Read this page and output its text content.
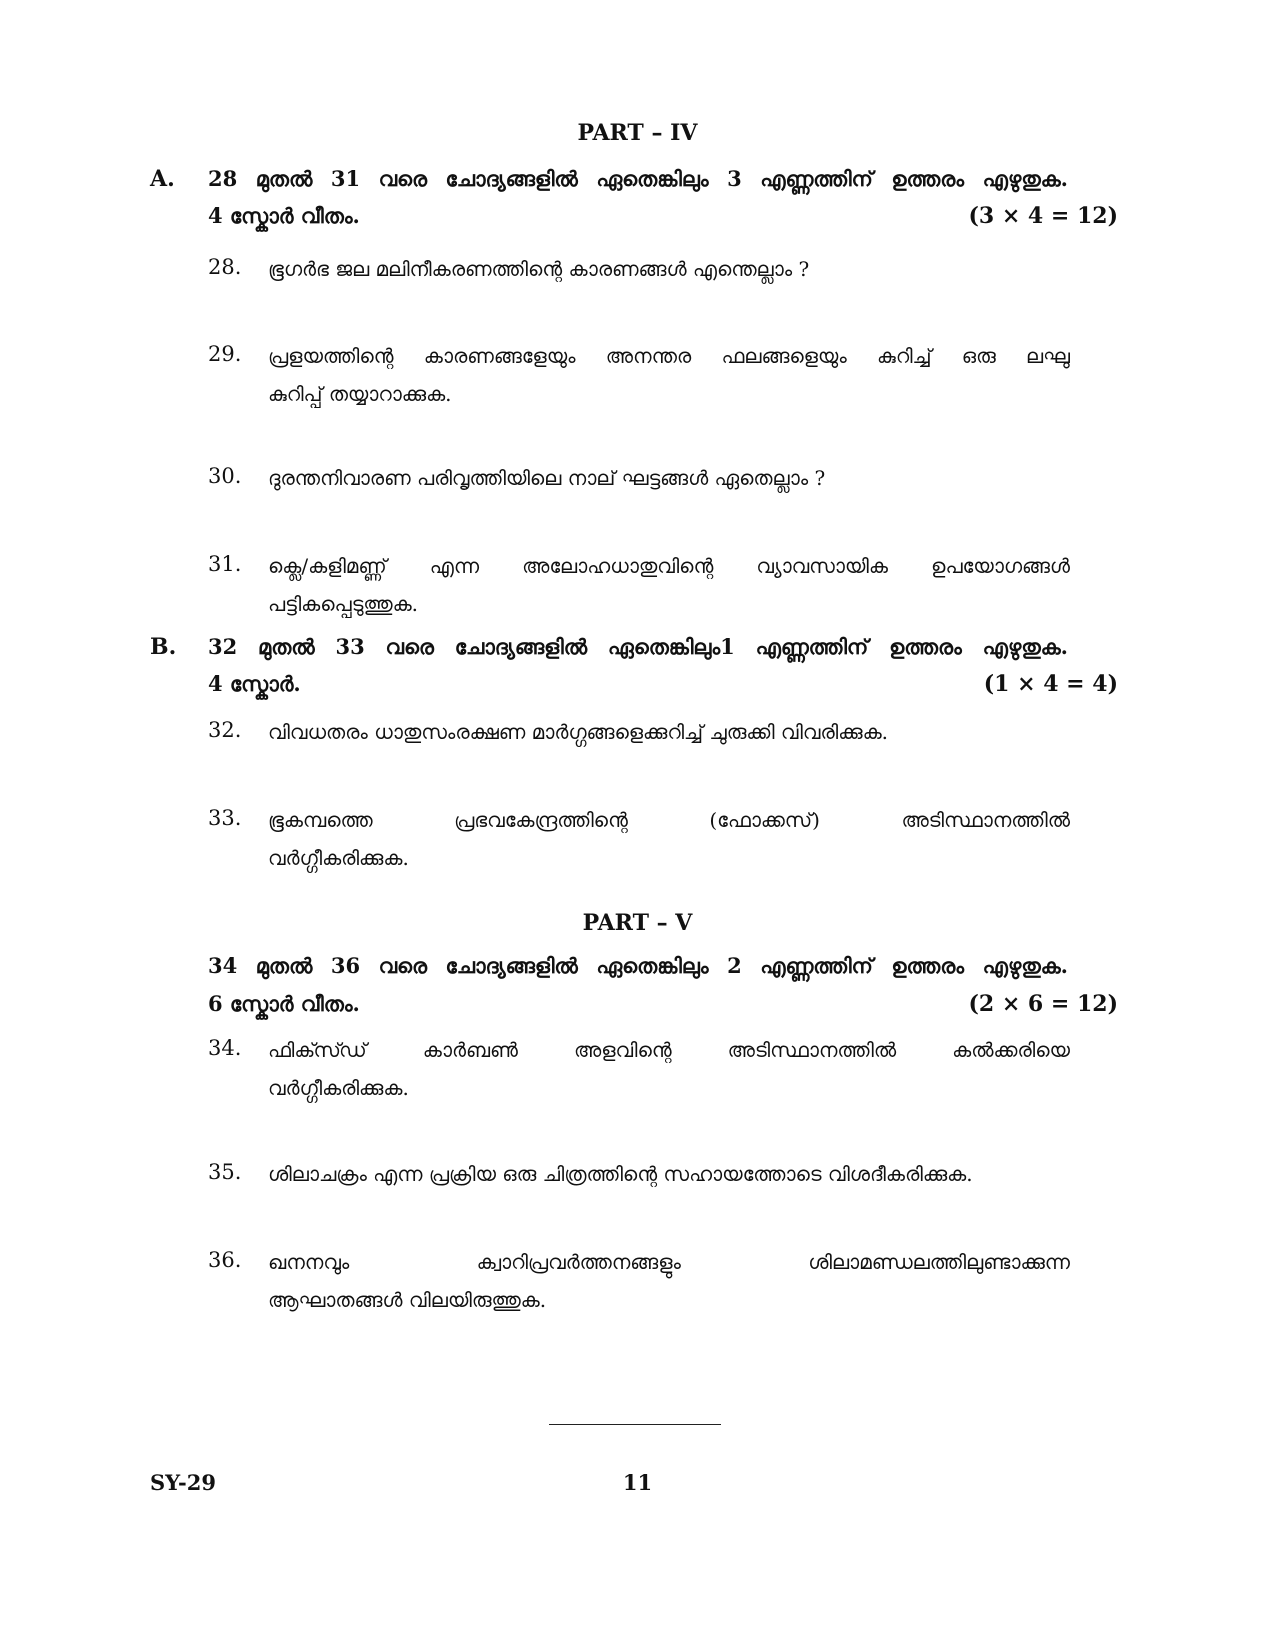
PART – IV
A. 28 മുതൽ 31 വരെ ചോദ്യങ്ങളിൽ ഏതെങ്കിലും 3 എണ്ണത്തിന് ഉത്തരം എഴുതുക.
4 സ്കോർ വീതം.	(3 × 4 = 12)
28. ഭൂഗർഭ ജല മലിനീകരണത്തിന്റെ കാരണങ്ങൾ എന്തെല്ലാം ?
29. പ്രളയത്തിന്റെ കാരണങ്ങളേയും അനന്തര ഫലങ്ങളെയും കുറിച്ച് ഒരു ലഘു
കുറിപ്പ് തയ്യാറാക്കുക.
30. ദുരന്തനിവാരണ പരിവൃത്തിയിലെ നാല് ഘട്ടങ്ങൾ ഏതെല്ലാം ?
31. ക്ലെ/കളിമണ്ണ് എന്ന അലോഹധാതുവിന്റെ വ്യാവസായിക ഉപയോഗങ്ങൾ
പട്ടികപ്പെടുത്തുക.
B. 32 മുതൽ 33 വരെ ചോദ്യങ്ങളിൽ ഏതെങ്കിലും1 എണ്ണത്തിന് ഉത്തരം എഴുതുക.
4 സ്കോർ.	(1 × 4 = 4)
32. വിവധതരം ധാതുസംരക്ഷണ മാർഗ്ഗങ്ങളെക്കുറിച്ച് ചുരുക്കി വിവരിക്കുക.
33. ഭൂകമ്പത്തെ പ്രഭവകേന്ദ്രത്തിന്റെ (ഫോക്കസ്) അടിസ്ഥാനത്തിൽ
വർഗ്ഗീകരിക്കുക.
PART – V
34 മുതൽ 36 വരെ ചോദ്യങ്ങളിൽ ഏതെങ്കിലും 2 എണ്ണത്തിന് ഉത്തരം എഴുതുക.
6 സ്കോർ വീതം.	(2 × 6 = 12)
34. ഫിക്സ്ഡ് കാർബൺ അളവിന്റെ അടിസ്ഥാനത്തിൽ കൽക്കരിയെ
വർഗ്ഗീകരിക്കുക.
35. ശിലാചക്രം എന്ന പ്രക്രിയ ഒരു ചിത്രത്തിന്റെ സഹായത്തോടെ വിശദീകരിക്കുക.
36. ഖനനവും ക്വാറിപ്രവർത്തനങ്ങളും ശിലാമണ്ഡലത്തിലുണ്ടാക്കുന്ന
ആഘാതങ്ങൾ വിലയിരുത്തുക.
SY-29	11
